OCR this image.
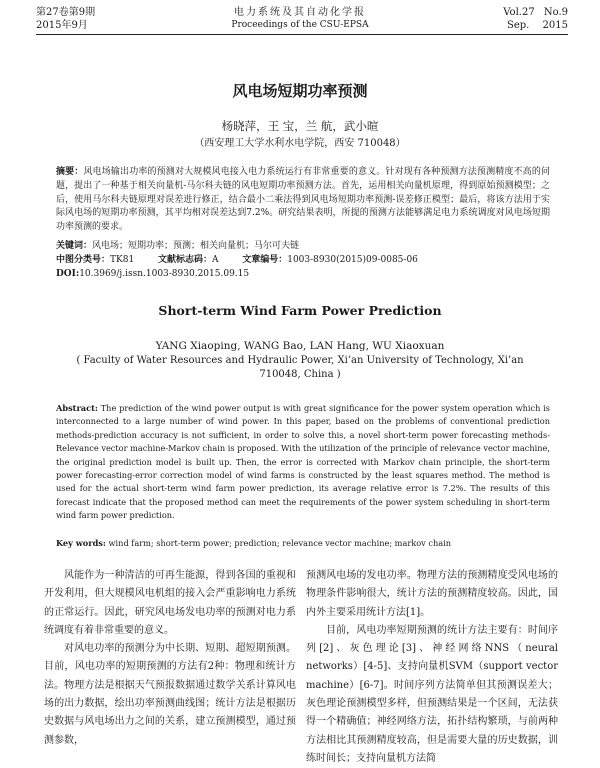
第27卷第9期
2015年9月
电力系统及其自动化学报
Proceedings of the CSU-EPSA
Vol.27 No.9
Sep. 2015
风电场短期功率预测
杨晓萍，王 宝，兰 航，武小暄
（西安理工大学水利水电学院，西安 710048）
摘要：风电场输出功率的预测对大规模风电接入电力系统运行有非常重要的意义。针对现有各种预测方法预测精度不高的问题，提出了一种基于相关向量机-马尔科夫链的风电短期功率预测方法。首先，运用相关向量机原理，得到原始预测模型；之后，使用马尔科夫链原理对误差进行修正，结合最小二乘法得到风电场短期功率预测-误差修正模型；最后，将该方法用于实际风电场的短期功率预测，其平均相对误差达到7.2%。研究结果表明，所提的预测方法能够满足电力系统调度对风电场短期功率预测的要求。
关键词：风电场；短期功率；预测；相关向量机；马尔可夫链
中图分类号：TK81	文献标志码：A	文章编号：1003-8930(2015)09-0085-06
DOI:10.3969/j.issn.1003-8930.2015.09.15
Short-term Wind Farm Power Prediction
YANG Xiaoping, WANG Bao, LAN Hang, WU Xiaoxuan
( Faculty of Water Resources and Hydraulic Power, Xi’an University of Technology, Xi’an 710048, China )
Abstract: The prediction of the wind power output is with great significance for the power system operation which is interconnected to a large number of wind power. In this paper, based on the problems of conventional prediction methods-prediction accuracy is not sufficient, in order to solve this, a novel short-term power forecasting methods-Relevance vector machine-Markov chain is proposed. With the utilization of the principle of relevance vector machine, the original prediction model is built up. Then, the error is corrected with Markov chain principle, the short-term power forecasting-error correction model of wind farms is constructed by the least squares method. The method is used for the actual short-term wind farm power prediction, its average relative error is 7.2%. The results of this forecast indicate that the proposed method can meet the requirements of the power system scheduling in short-term wind farm power prediction.
Key words: wind farm; short-term power; prediction; relevance vector machine; markov chain

风能作为一种清洁的可再生能源，得到各国的重视和开发利用，但大规模风电机组的接入会严重影响电力系统的正常运行。因此，研究风电场发电功率的预测对电力系统调度有着非常重要的意义。

对风电功率的预测分为中长期、短期、超短期预测。目前，风电功率的短期预测的方法有2种：物理和统计方法。物理方法是根据天气预报数据通过数学关系计算风电场的出力数据，绘出功率预测曲线图；统计方法是根据历史数据与风电场出力之间的关系，建立预测模型，通过预测参数，

预测风电场的发电功率。物理方法的预测精度受风电场的物理条件影响很大，统计方法的预测精度较高。因此，国内外主要采用统计方法[1]。

目前，风电功率短期预测的统计方法主要有：时间序列[2]、灰色理论[3]、神经网络NNS（neural networks）[4-5]、支持向量机SVM（support vector machine）[6-7]。时间序列方法简单但其预测误差大；灰色理论预测模型多样，但预测结果是一个区间，无法获得一个精确值；神经网络方法，拓扑结构繁琐，与前两种方法相比其预测精度较高，但是需要大量的历史数据，训练时间长；支持向量机方法简
